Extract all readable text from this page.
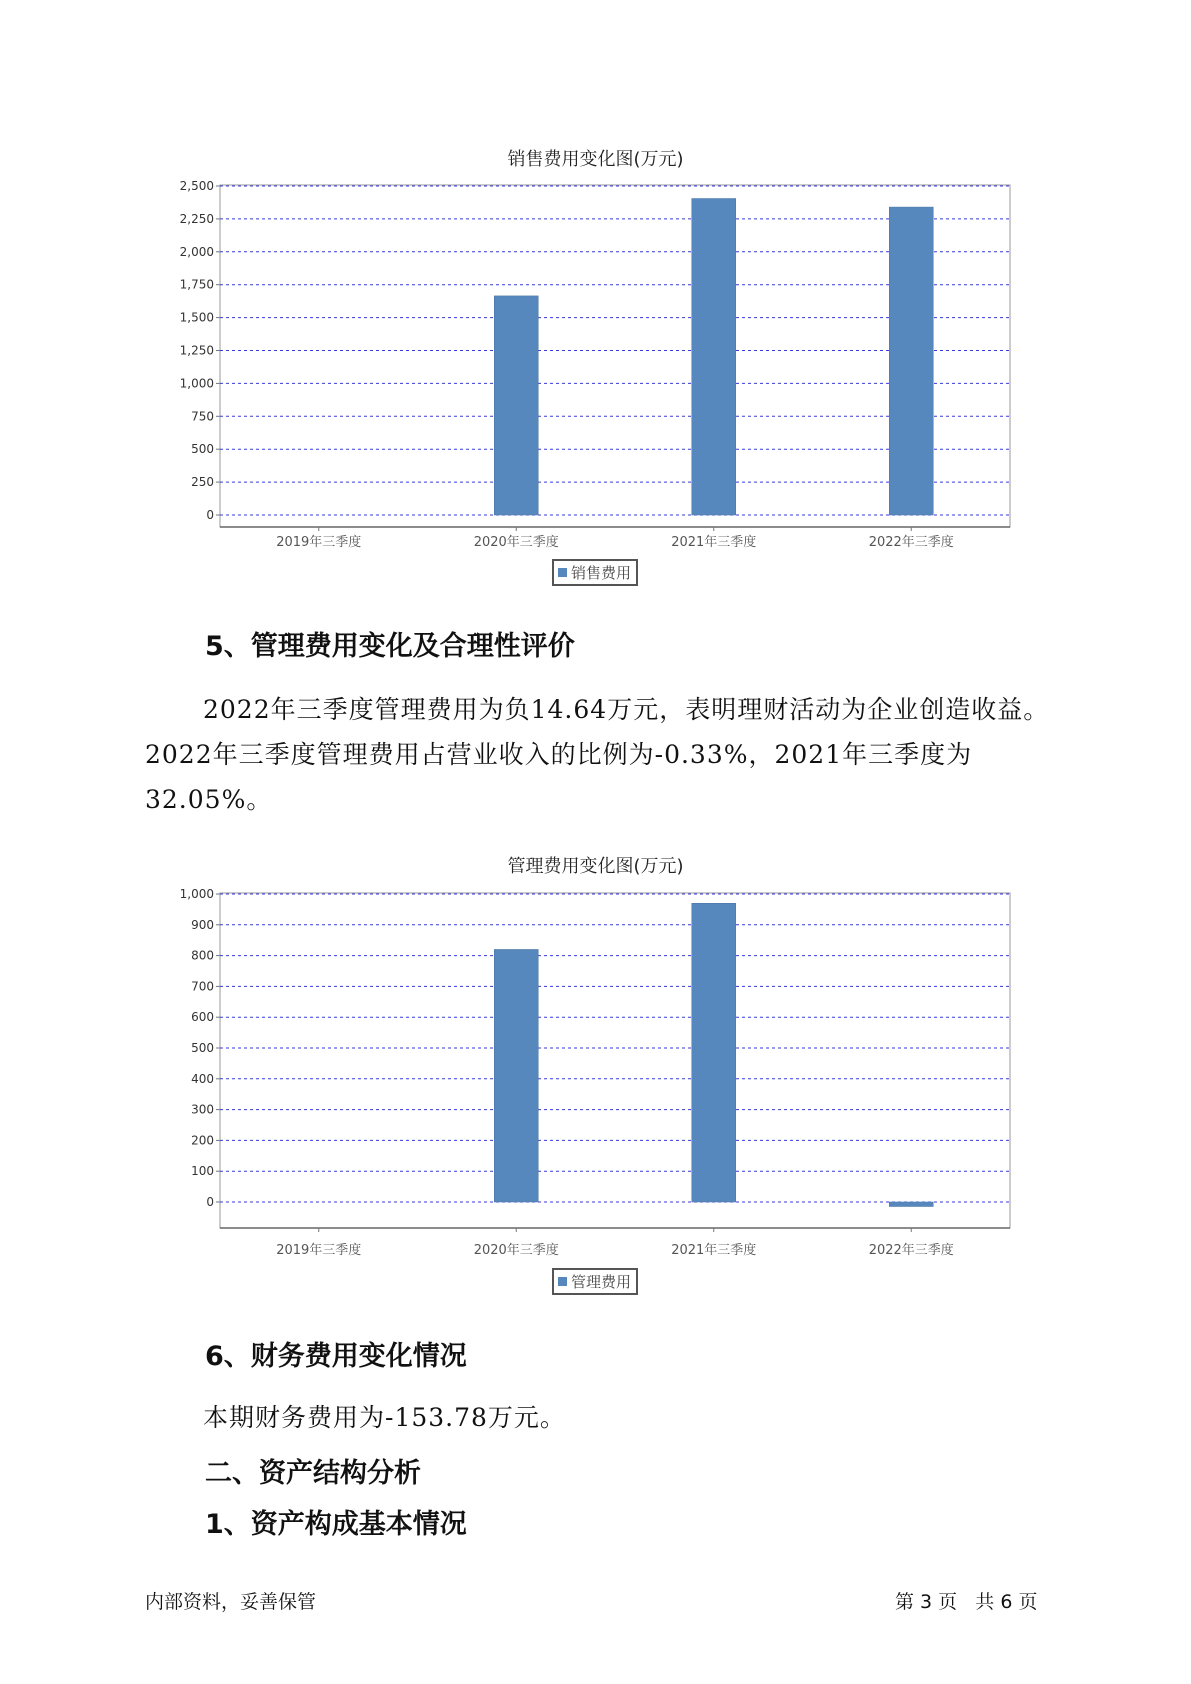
销售费用变化图(万元)
0
250
500
750
1,000
1,250
1,500
1,750
2,000
2,250
2,500
2019年三季度	2020年三季度	2021年三季度	2022年三季度
销售费用
5、管理费用变化及合理性评价
2022年三季度管理费用为负14.64万元，表明理财活动为企业创造收益。
2022年三季度管理费用占营业收入的比例为-0.33%，2021年三季度为
32.05%。
管理费用变化图(万元)
0
100
200
300
400
500
600
700
800
900
1,000
2019年三季度	2020年三季度	2021年三季度	2022年三季度
管理费用
6、财务费用变化情况
本期财务费用为-153.78万元。
二、资产结构分析
1、资产构成基本情况
内部资料，妥善保管	第 3 页   共 6 页
